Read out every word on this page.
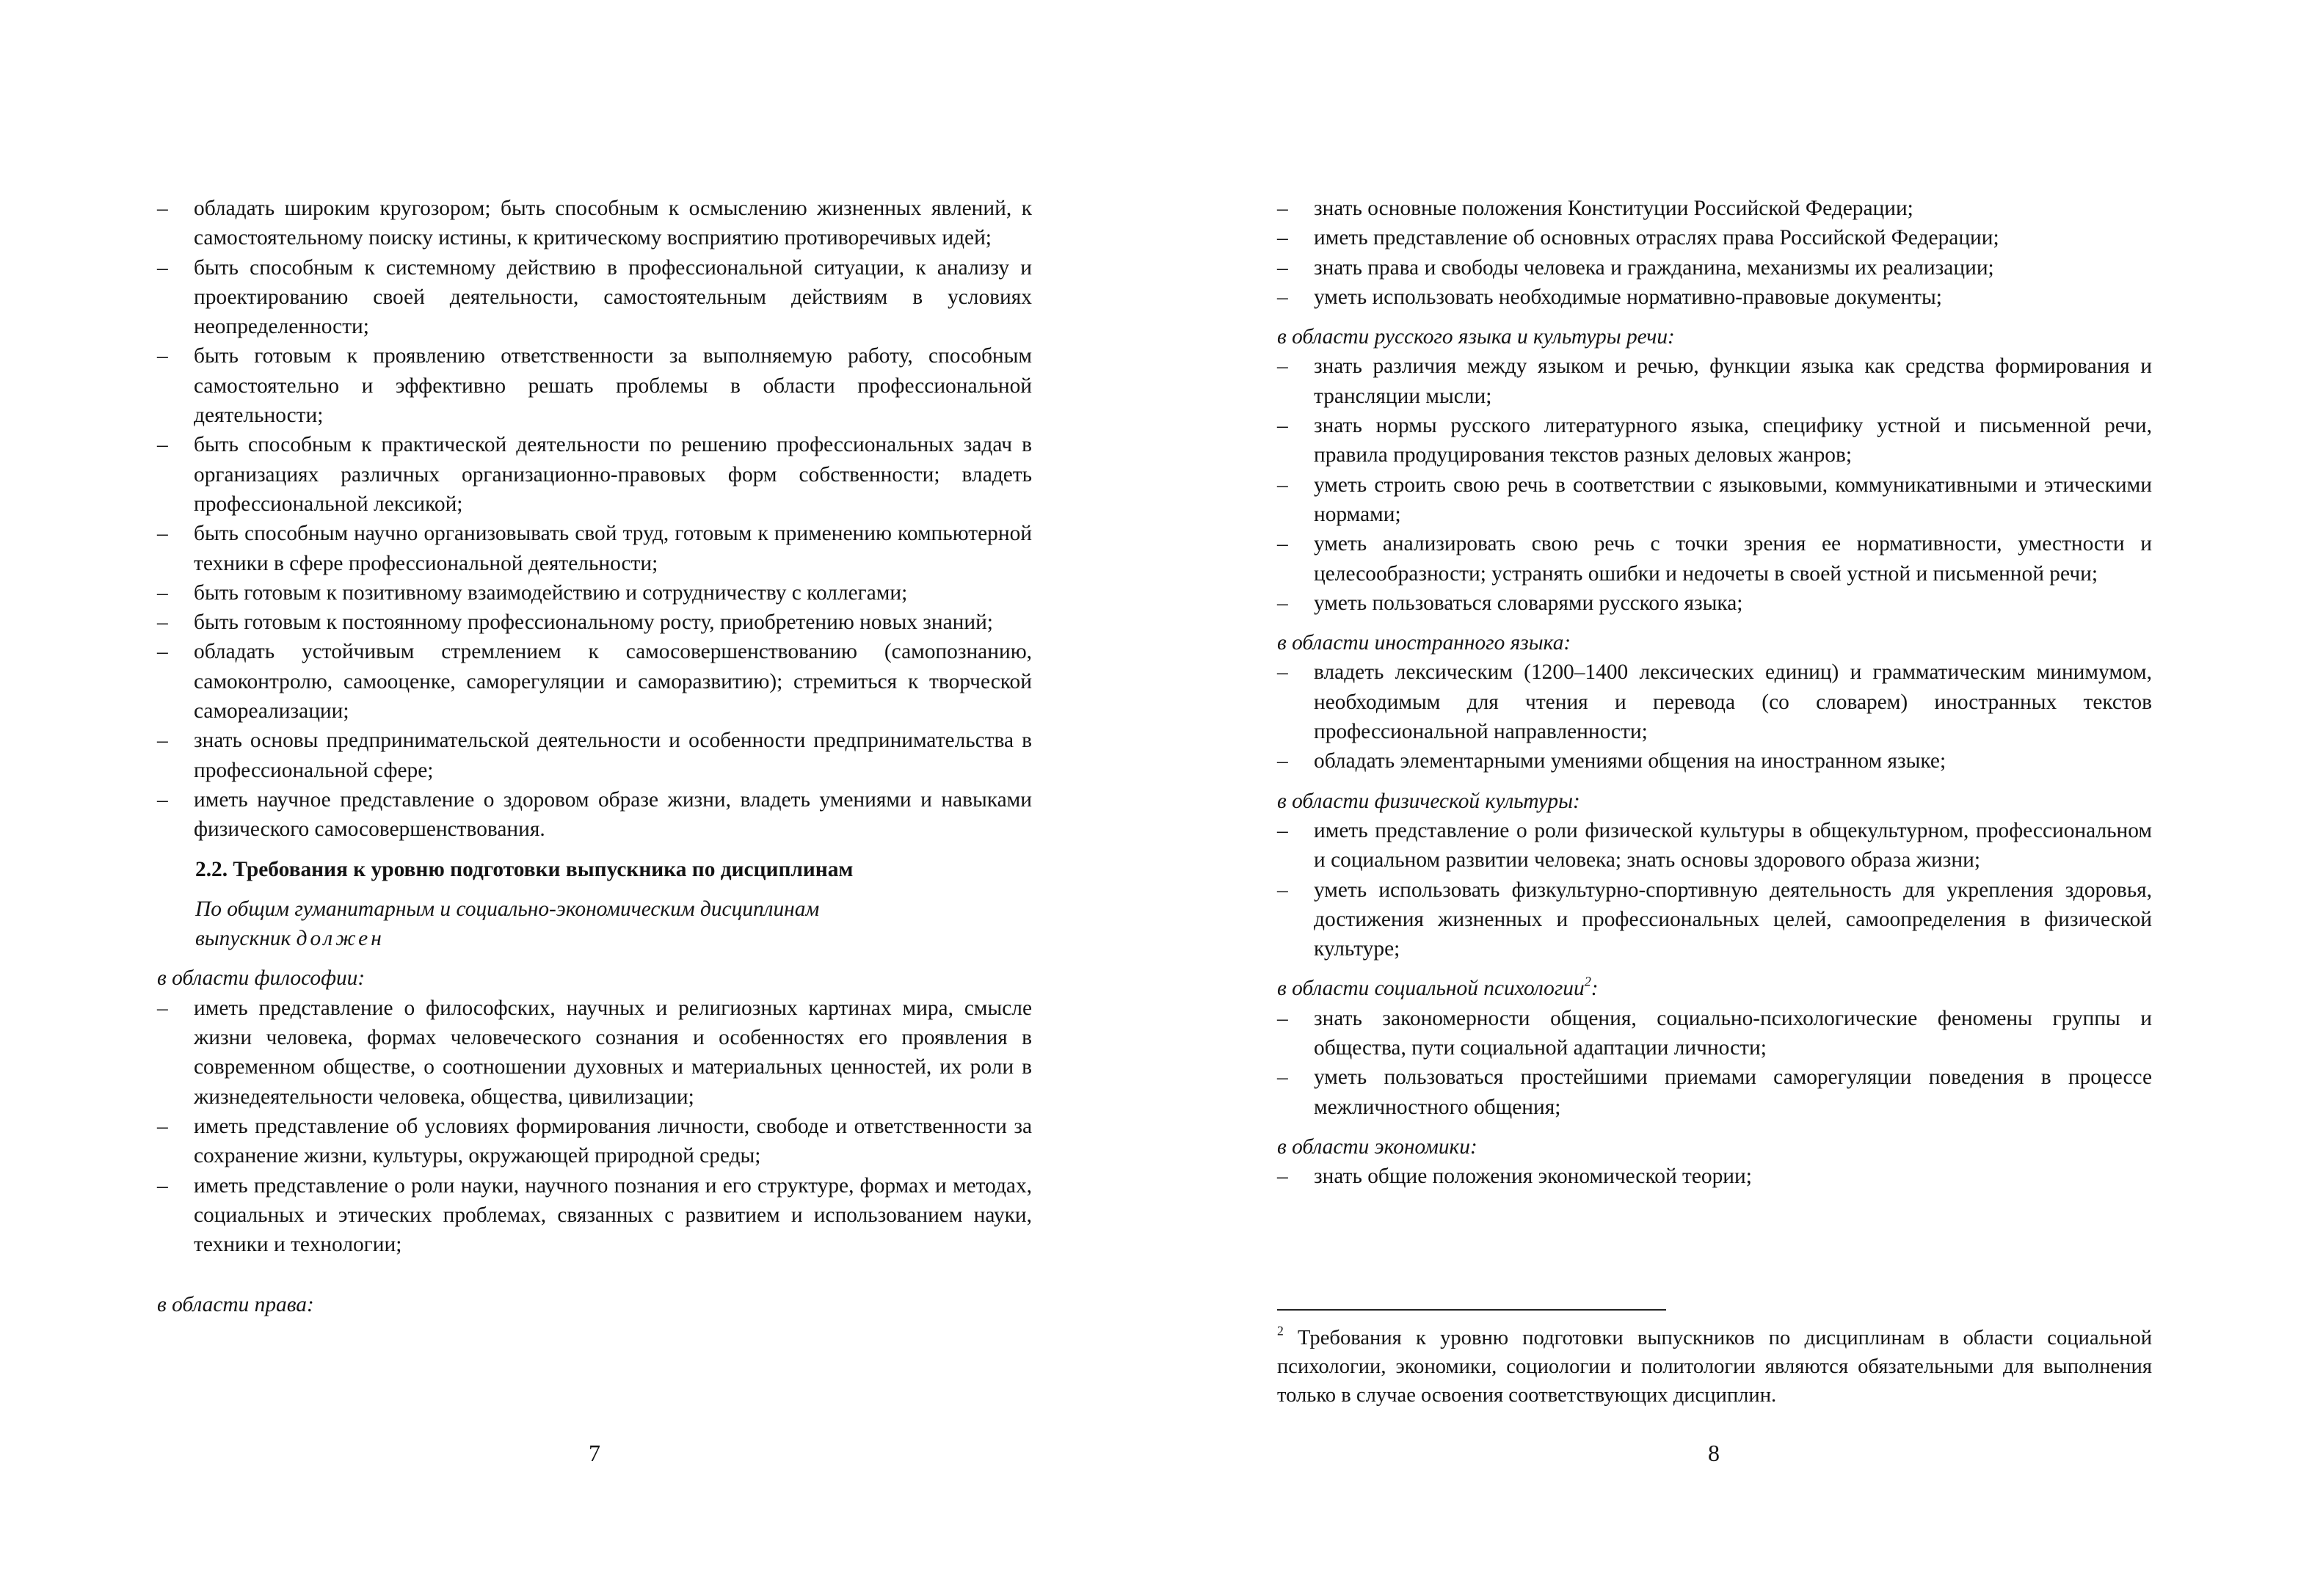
– обладать широким кругозором; быть способным к осмыслению жизненных явлений, к самостоятельному поиску истины, к критическому восприятию противоречивых идей;
– быть способным к системному действию в профессиональной ситуации, к анализу и проектированию своей деятельности, самостоятельным действиям в условиях неопределенности;
– быть готовым к проявлению ответственности за выполняемую работу, способным самостоятельно и эффективно решать проблемы в области профессиональной деятельности;
– быть способным к практической деятельности по решению профессиональных задач в организациях различных организационно-правовых форм собственности; владеть профессиональной лексикой;
– быть способным научно организовывать свой труд, готовым к применению компьютерной техники в сфере профессиональной деятельности;
– быть готовым к позитивному взаимодействию и сотрудничеству с коллегами;
– быть готовым к постоянному профессиональному росту, приобретению новых знаний;
– обладать устойчивым стремлением к самосовершенствованию (самопознанию, самоконтролю, самооценке, саморегуляции и саморазвитию); стремиться к творческой самореализации;
– знать основы предпринимательской деятельности и особенности предпринимательства в профессиональной сфере;
– иметь научное представление о здоровом образе жизни, владеть умениями и навыками физического самосовершенствования.
2.2. Требования к уровню подготовки выпускника по дисциплинам
По общим гуманитарным и социально-экономическим дисциплинам
выпускник должен

в области философии:

– иметь представление о философских, научных и религиозных картинах мира, смысле жизни человека, формах человеческого сознания и особенностях его проявления в современном обществе, о соотношении духовных и материальных ценностей, их роли в жизнедеятельности человека, общества, цивилизации;
– иметь представление об условиях формирования личности, свободе и ответственности за сохранение жизни, культуры, окружающей природной среды;
– иметь представление о роли науки, научного познания и его структуре, формах и методах, социальных и этических проблемах, связанных с развитием и использованием науки, техники и технологии;

в области права:

7
– знать основные положения Конституции Российской Федерации;
– иметь представление об основных отраслях права Российской Федерации;
– знать права и свободы человека и гражданина, механизмы их реализации;
– уметь использовать необходимые нормативно-правовые документы;

в области русского языка и культуры речи:

– знать различия между языком и речью, функции языка как средства формирования и трансляции мысли;
– знать нормы русского литературного языка, специфику устной и письменной речи, правила продуцирования текстов разных деловых жанров;
– уметь строить свою речь в соответствии с языковыми, коммуникативными и этическими нормами;
– уметь анализировать свою речь с точки зрения ее нормативности, уместности и целесообразности; устранять ошибки и недочеты в своей устной и письменной речи;
– уметь пользоваться словарями русского языка;

в области иностранного языка:

– владеть лексическим (1200–1400 лексических единиц) и грамматическим минимумом, необходимым для чтения и перевода (со словарем) иностранных текстов профессиональной направленности;
– обладать элементарными умениями общения на иностранном языке;

в области физической культуры:

– иметь представление о роли физической культуры в общекультурном, профессиональном и социальном развитии человека; знать основы здорового образа жизни;
– уметь использовать физкультурно-спортивную деятельность для укрепления здоровья, достижения жизненных и профессиональных целей, самоопределения в физической культуре;

в области социальной психологии$^2$:

– знать закономерности общения, социально-психологические феномены группы и общества, пути социальной адаптации личности;
– уметь пользоваться простейшими приемами саморегуляции поведения в процессе межличностного общения;

в области экономики:

– знать общие положения экономической теории;
$^2$ Требования к уровню подготовки выпускников по дисциплинам в области социальной психологии, экономики, социологии и политологии являются обязательными для выполнения только в случае освоения соответствующих дисциплин.
8
